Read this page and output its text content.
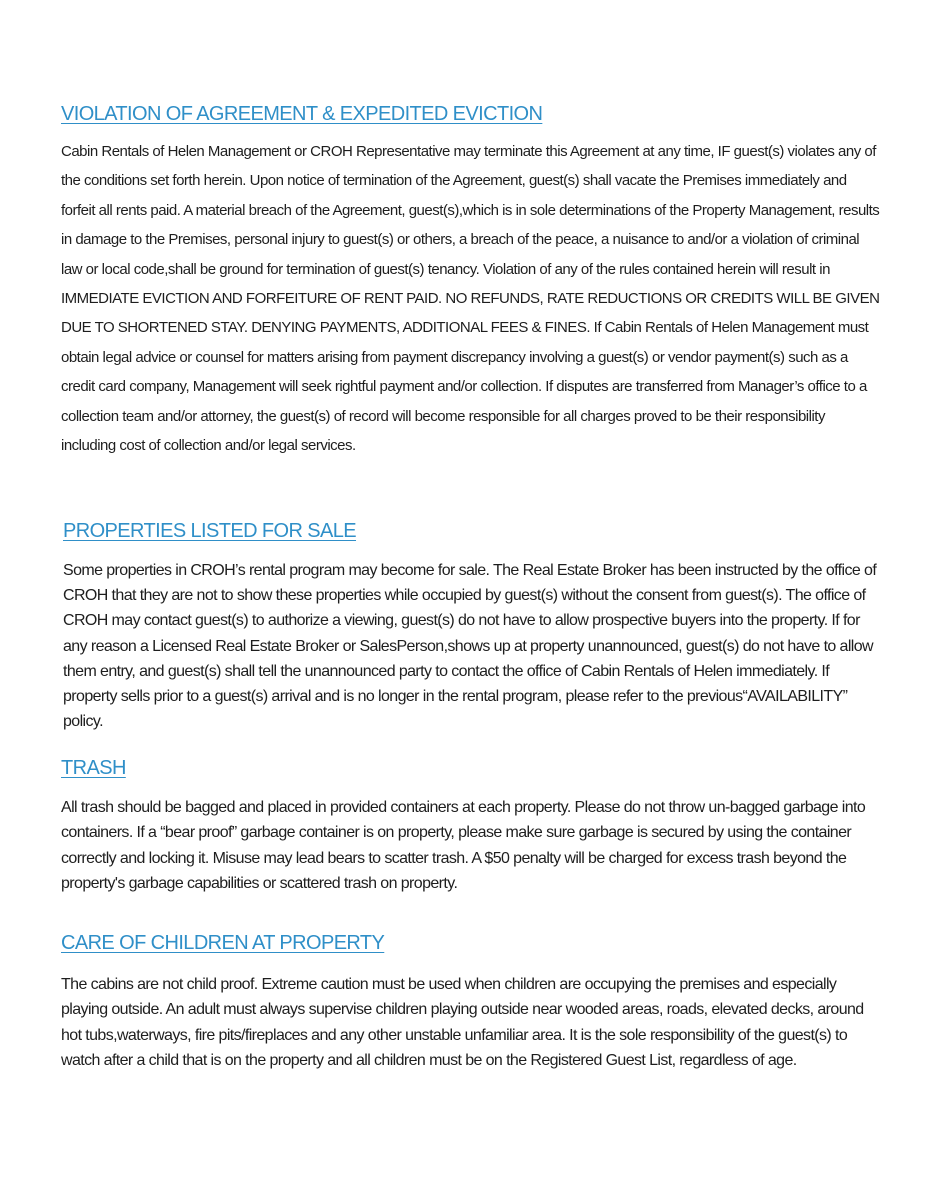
VIOLATION OF AGREEMENT & EXPEDITED EVICTION

Cabin Rentals of Helen Management or CROH Representative may terminate this Agreement at any time, IF guest(s) violates any of the conditions set forth herein. Upon notice of termination of the Agreement, guest(s) shall vacate the Premises immediately and forfeit all rents paid. A material breach of the Agreement, guest(s),which is in sole determinations of the Property Management, results in damage to the Premises, personal injury to guest(s) or others, a breach of the peace, a nuisance to and/or a violation of criminal law or local code,shall be ground for termination of guest(s) tenancy. Violation of any of the rules contained herein will result in IMMEDIATE EVICTION AND FORFEITURE OF RENT PAID. NO REFUNDS, RATE REDUCTIONS OR CREDITS WILL BE GIVEN DUE TO SHORTENED STAY. DENYING PAYMENTS, ADDITIONAL FEES & FINES. If Cabin Rentals of Helen Management must obtain legal advice or counsel for matters arising from payment discrepancy involving a guest(s) or vendor payment(s) such as a credit card company, Management will seek rightful payment and/or collection. If disputes are transferred from Manager’s office to a collection team and/or attorney, the guest(s) of record will become responsible for all charges proved to be their responsibility including cost of collection and/or legal services.

PROPERTIES LISTED FOR SALE

Some properties in CROH’s rental program may become for sale. The Real Estate Broker has been instructed by the office of CROH that they are not to show these properties while occupied by guest(s) without the consent from guest(s). The office of CROH may contact guest(s) to authorize a viewing, guest(s) do not have to allow prospective buyers into the property. If for any reason a Licensed Real Estate Broker or SalesPerson,shows up at property unannounced, guest(s) do not have to allow them entry, and guest(s) shall tell the unannounced party to contact the office of Cabin Rentals of Helen immediately. If property sells prior to a guest(s) arrival and is no longer in the rental program, please refer to the previous“AVAILABILITY” policy.

TRASH

All trash should be bagged and placed in provided containers at each property. Please do not throw un-bagged garbage into containers. If a “bear proof” garbage container is on property, please make sure garbage is secured by using the container correctly and locking it. Misuse may lead bears to scatter trash. A $50 penalty will be charged for excess trash beyond the property's garbage capabilities or scattered trash on property.

CARE OF CHILDREN AT PROPERTY

The cabins are not child proof. Extreme caution must be used when children are occupying the premises and especially playing outside. An adult must always supervise children playing outside near wooded areas, roads, elevated decks, around hot tubs,waterways, fire pits/fireplaces and any other unstable unfamiliar area. It is the sole responsibility of the guest(s) to watch after a child that is on the property and all children must be on the Registered Guest List, regardless of age.
